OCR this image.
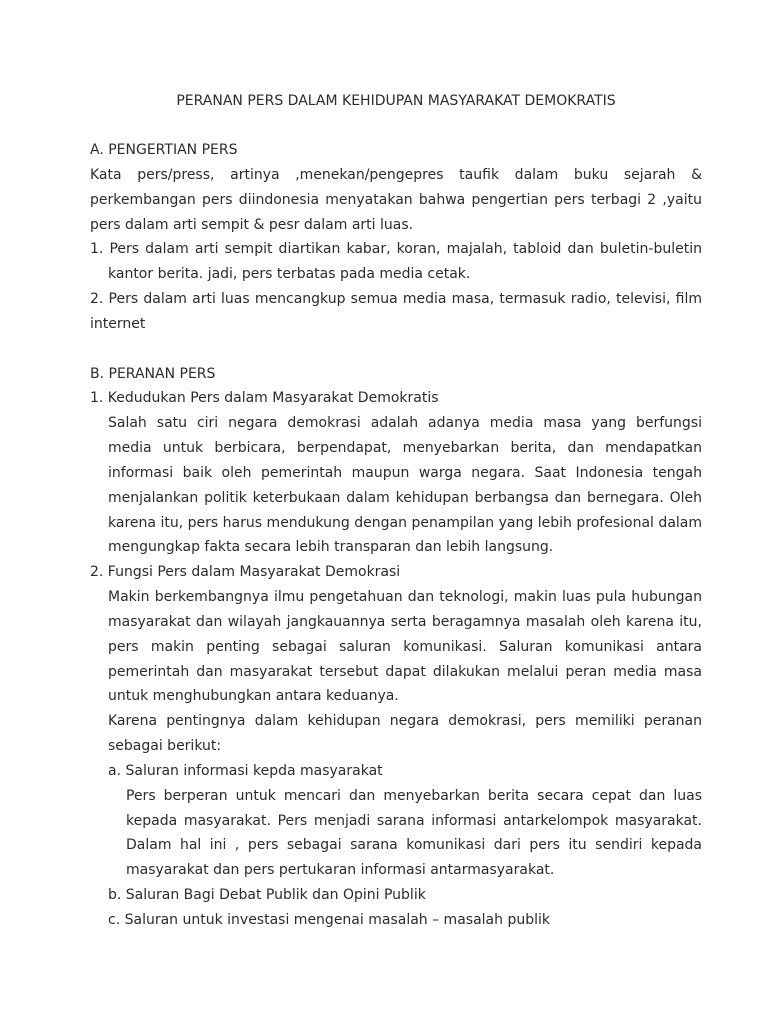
PERANAN PERS DALAM KEHIDUPAN MASYARAKAT DEMOKRATIS
A. PENGERTIAN PERS
Kata pers/press, artinya ,menekan/pengepres taufik dalam buku sejarah &
perkembangan pers diindonesia menyatakan bahwa pengertian pers terbagi 2 ,yaitu
pers dalam arti sempit & pesr dalam arti luas.
1. Pers dalam arti sempit diartikan kabar, koran, majalah, tabloid dan buletin-buletin
kantor berita. jadi, pers terbatas pada media cetak.
2. Pers dalam arti luas mencangkup semua media masa, termasuk radio, televisi, film
internet
B. PERANAN PERS
1. Kedudukan Pers dalam Masyarakat Demokratis
Salah satu ciri negara demokrasi adalah adanya media masa yang berfungsi
media untuk berbicara, berpendapat, menyebarkan berita, dan mendapatkan
informasi baik oleh pemerintah maupun warga negara. Saat Indonesia tengah
menjalankan politik keterbukaan dalam kehidupan berbangsa dan bernegara. Oleh
karena itu, pers harus mendukung dengan penampilan yang lebih profesional dalam
mengungkap fakta secara lebih transparan dan lebih langsung.
2. Fungsi Pers dalam Masyarakat Demokrasi
Makin berkembangnya ilmu pengetahuan dan teknologi, makin luas pula hubungan
masyarakat dan wilayah jangkauannya serta beragamnya masalah oleh karena itu,
pers makin penting sebagai saluran komunikasi. Saluran komunikasi antara
pemerintah dan masyarakat tersebut dapat dilakukan melalui peran media masa
untuk menghubungkan antara keduanya.
Karena pentingnya dalam kehidupan negara demokrasi, pers memiliki peranan
sebagai berikut:
a. Saluran informasi kepda masyarakat
Pers berperan untuk mencari dan menyebarkan berita secara cepat dan luas
kepada masyarakat. Pers menjadi sarana informasi antarkelompok masyarakat.
Dalam hal ini , pers sebagai sarana komunikasi dari pers itu sendiri kepada
masyarakat dan pers pertukaran informasi antarmasyarakat.
b. Saluran Bagi Debat Publik dan Opini Publik
c. Saluran untuk investasi mengenai masalah – masalah publik
